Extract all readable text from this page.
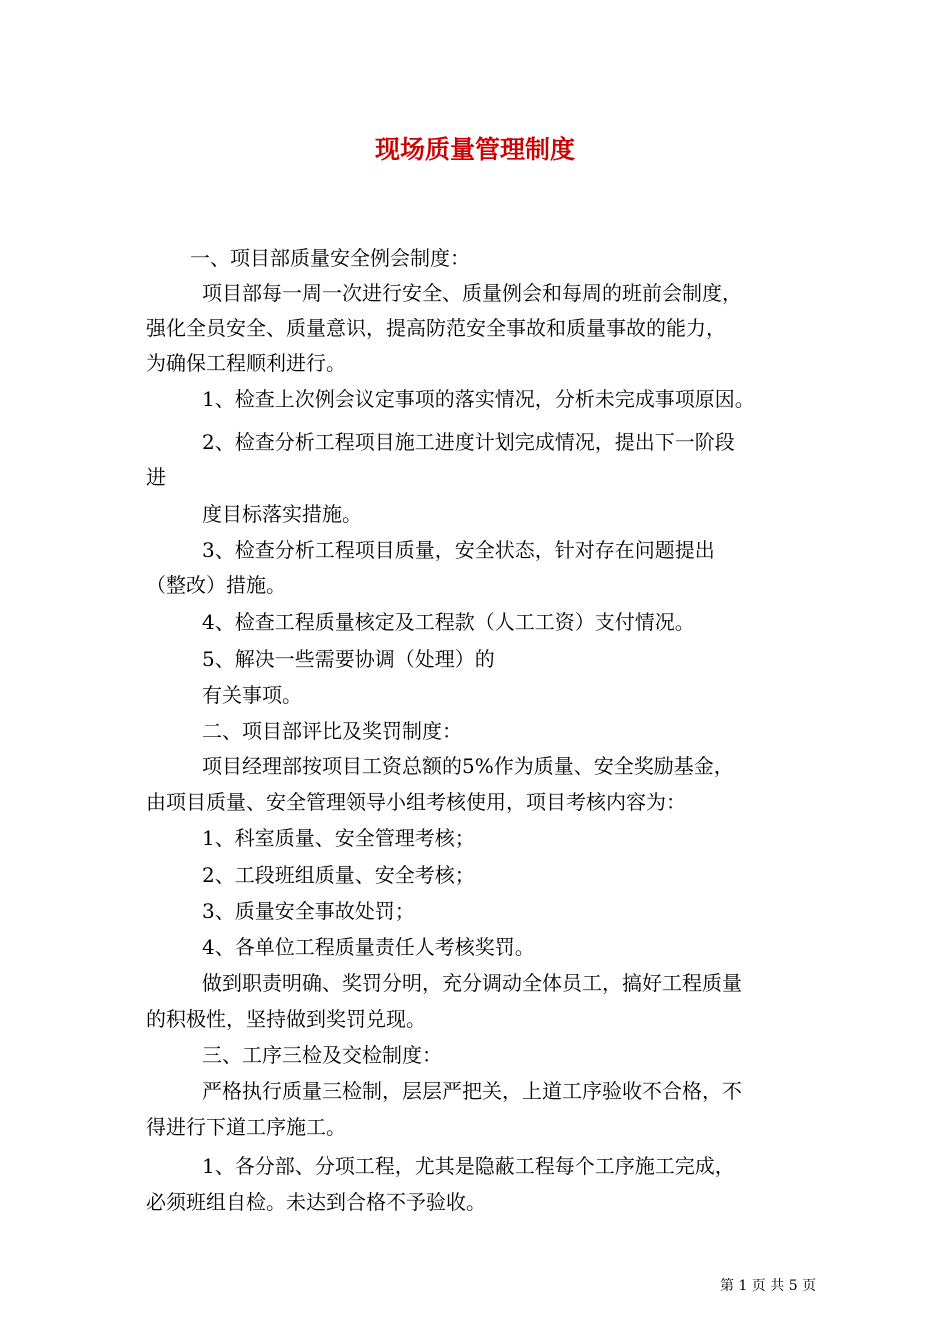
现场质量管理制度

一、项目部质量安全例会制度：

项目部每一周一次进行安全、质量例会和每周的班前会制度，

强化全员安全、质量意识，提高防范安全事故和质量事故的能力，

为确保工程顺利进行。

1、检查上次例会议定事项的落实情况，分析未完成事项原因。

2、检查分析工程项目施工进度计划完成情况，提出下一阶段

进

度目标落实措施。

3、检查分析工程项目质量，安全状态，针对存在问题提出

（整改）措施。

4、检查工程质量核定及工程款（人工工资）支付情况。

5、解决一些需要协调（处理）的

有关事项。

二、项目部评比及奖罚制度：

项目经理部按项目工资总额的5%作为质量、安全奖励基金，

由项目质量、安全管理领导小组考核使用，项目考核内容为：

1、科室质量、安全管理考核；

2、工段班组质量、安全考核；

3、质量安全事故处罚；

4、各单位工程质量责任人考核奖罚。

做到职责明确、奖罚分明，充分调动全体员工，搞好工程质量

的积极性，坚持做到奖罚兑现。

三、工序三检及交检制度：

严格执行质量三检制，层层严把关，上道工序验收不合格，不

得进行下道工序施工。

1、各分部、分项工程，尤其是隐蔽工程每个工序施工完成，

必须班组自检。未达到合格不予验收。

第 1 页 共 5 页
